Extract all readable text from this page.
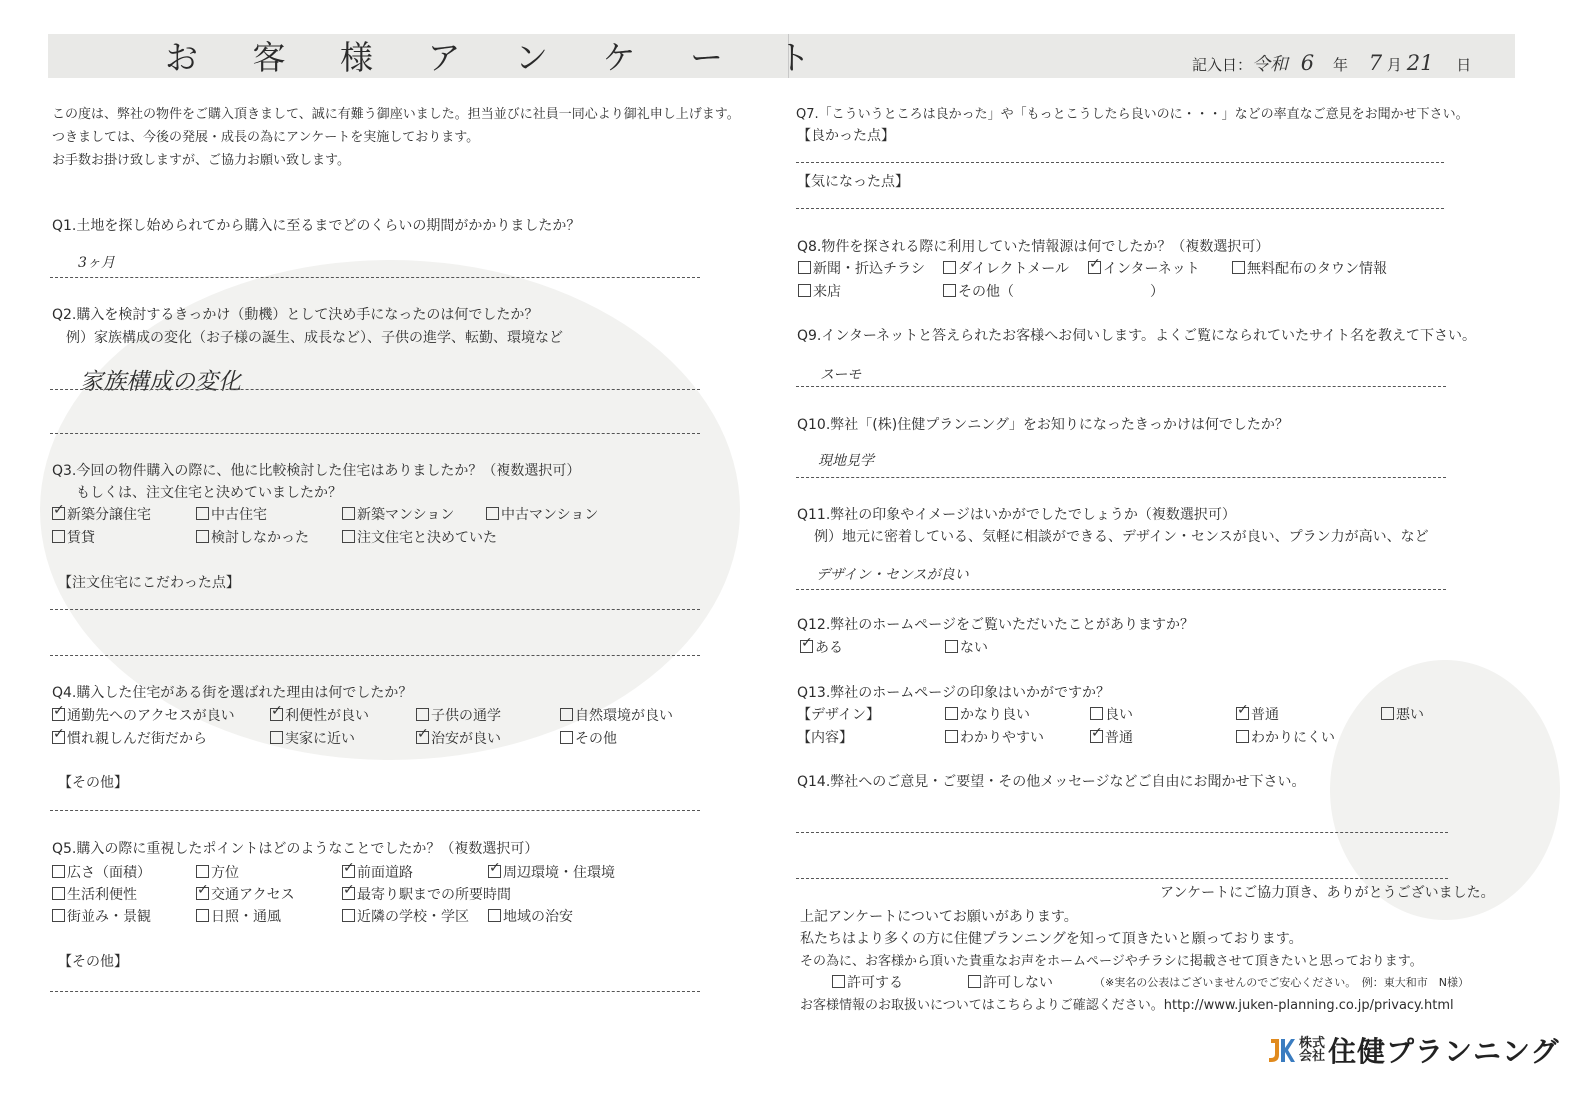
お 客 様 ア ン ケ ー ト	記入日：令和 6 年 7 月 21 日
この度は、弊社の物件をご購入頂きまして、誠に有難う御座いました。担当並びに社員一同心より御礼申し上げます。
つきましては、今後の発展・成長の為にアンケートを実施しております。
お手数お掛け致しますが、ご協力お願い致します。
Q1.土地を探し始められてから購入に至るまでどのくらいの期間がかかりましたか？
3ヶ月
Q2.購入を検討するきっかけ（動機）として決め手になったのは何でしたか？
例）家族構成の変化（お子様の誕生、成長など）、子供の進学、転勤、環境など
家族構成の変化
Q3.今回の物件購入の際に、他に比較検討した住宅はありましたか？（複数選択可）
もしくは、注文住宅と決めていましたか？
✓新築分譲住宅	中古住宅	新築マンション	中古マンション
賃貸	検討しなかった	注文住宅と決めていた
【注文住宅にこだわった点】
Q4.購入した住宅がある街を選ばれた理由は何でしたか？
✓通勤先へのアクセスが良い ✓	利便性が良い	子供の通学	自然環境が良い
✓慣れ親しんだ街だから	実家に近い ✓	治安が良い	その他
【その他】
Q5.購入の際に重視したポイントはどのようなことでしたか？（複数選択可）
広さ（面積）	方位 ✓	前面道路 ✓	周辺環境・住環境
生活利便性 ✓	交通アクセス ✓	最寄り駅までの所要時間
街並み・景観	日照・通風	近隣の学校・学区	地域の治安
【その他】
Q7.「こういうところは良かった」や「もっとこうしたら良いのに・・・」などの率直なご意見をお聞かせ下さい。
【良かった点】
【気になった点】
Q8.物件を探される際に利用していた情報源は何でしたか？（複数選択可）
新聞・折込チラシ	ダイレクトメール ✓	インターネット	無料配布のタウン情報
来店	その他（	）
Q9.インターネットと答えられたお客様へお伺いします。よくご覧になられていたサイト名を教えて下さい。
スーモ
Q10.弊社「(株)住健プランニング」をお知りになったきっかけは何でしたか？
現地見学
Q11.弊社の印象やイメージはいかがでしたでしょうか（複数選択可）
例）地元に密着している、気軽に相談ができる、デザイン・センスが良い、プラン力が高い、など
デザイン・センスが良い
Q12.弊社のホームページをご覧いただいたことがありますか？
✓ある	ない
Q13.弊社のホームページの印象はいかがですか？
【デザイン】	かなり良い	良い ✓	普通	悪い
【内容】	わかりやすい ✓	普通	わかりにくい
Q14.弊社へのご意見・ご要望・その他メッセージなどご自由にお聞かせ下さい。
アンケートにご協力頂き、ありがとうございました。
上記アンケートについてお願いがあります。
私たちはより多くの方に住健プランニングを知って頂きたいと願っております。
その為に、お客様から頂いた貴重なお声をホームページやチラシに掲載させて頂きたいと思っております。
許可する	許可しない	（※実名の公表はございませんのでご安心ください。　例：東大和市　N様）
お客様情報のお取扱いについてはこちらよりご確認ください。http://www.juken-planning.co.jp/privacy.html
株式
会社 住健プランニング
